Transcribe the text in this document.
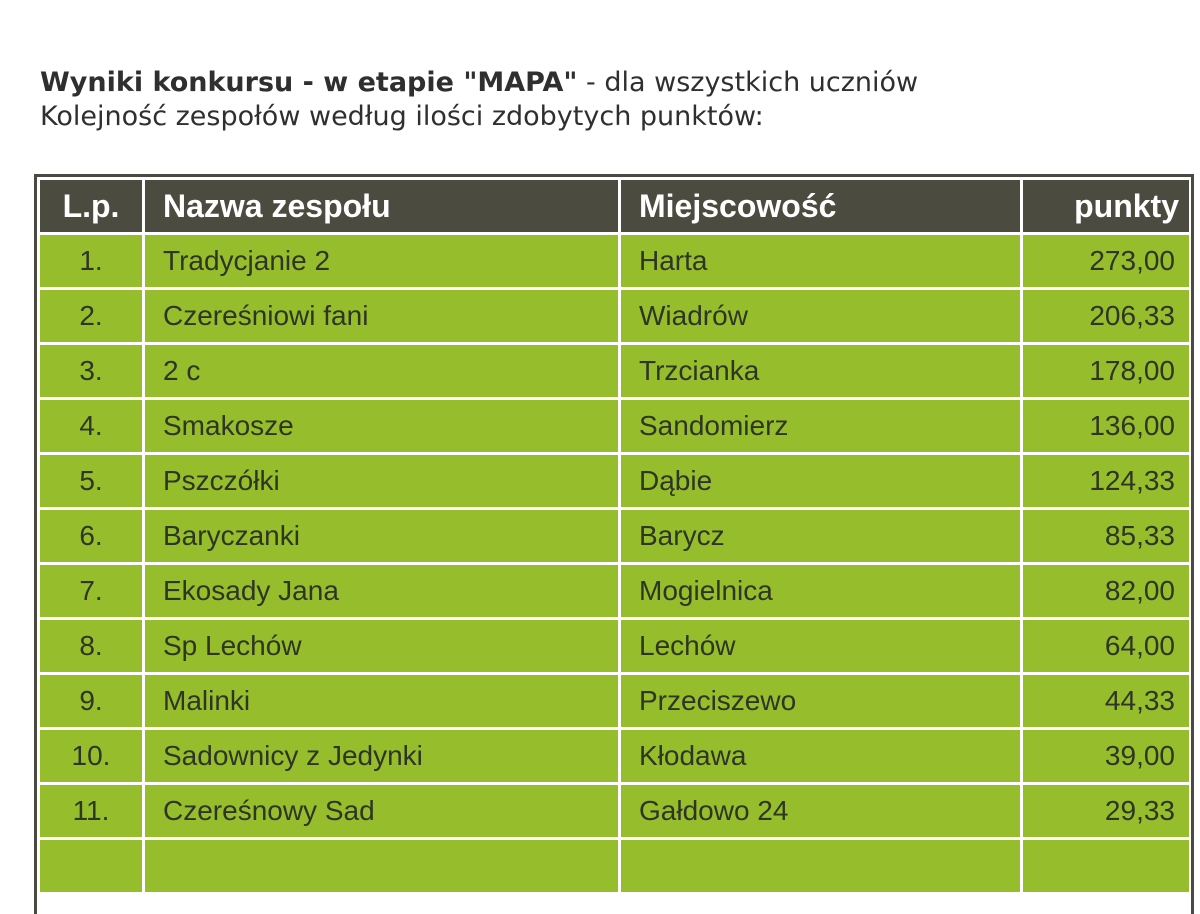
Wyniki konkursu - w etapie "MAPA" - dla wszystkich uczniów
Kolejność zespołów według ilości zdobytych punktów:
L.p.	Nazwa zespołu	Miejscowość	punkty
1.	Tradycjanie 2	Harta	273,00
2.	Czereśniowi fani	Wiadrów	206,33
3.	2 c	Trzcianka	178,00
4.	Smakosze	Sandomierz	136,00
5.	Pszczółki	Dąbie	124,33
6.	Baryczanki	Barycz	85,33
7.	Ekosady Jana	Mogielnica	82,00
8.	Sp Lechów	Lechów	64,00
9.	Malinki	Przeciszewo	44,33
10.	Sadownicy z Jedynki	Kłodawa	39,00
11.	Czereśnowy Sad	Gałdowo 24	29,33
